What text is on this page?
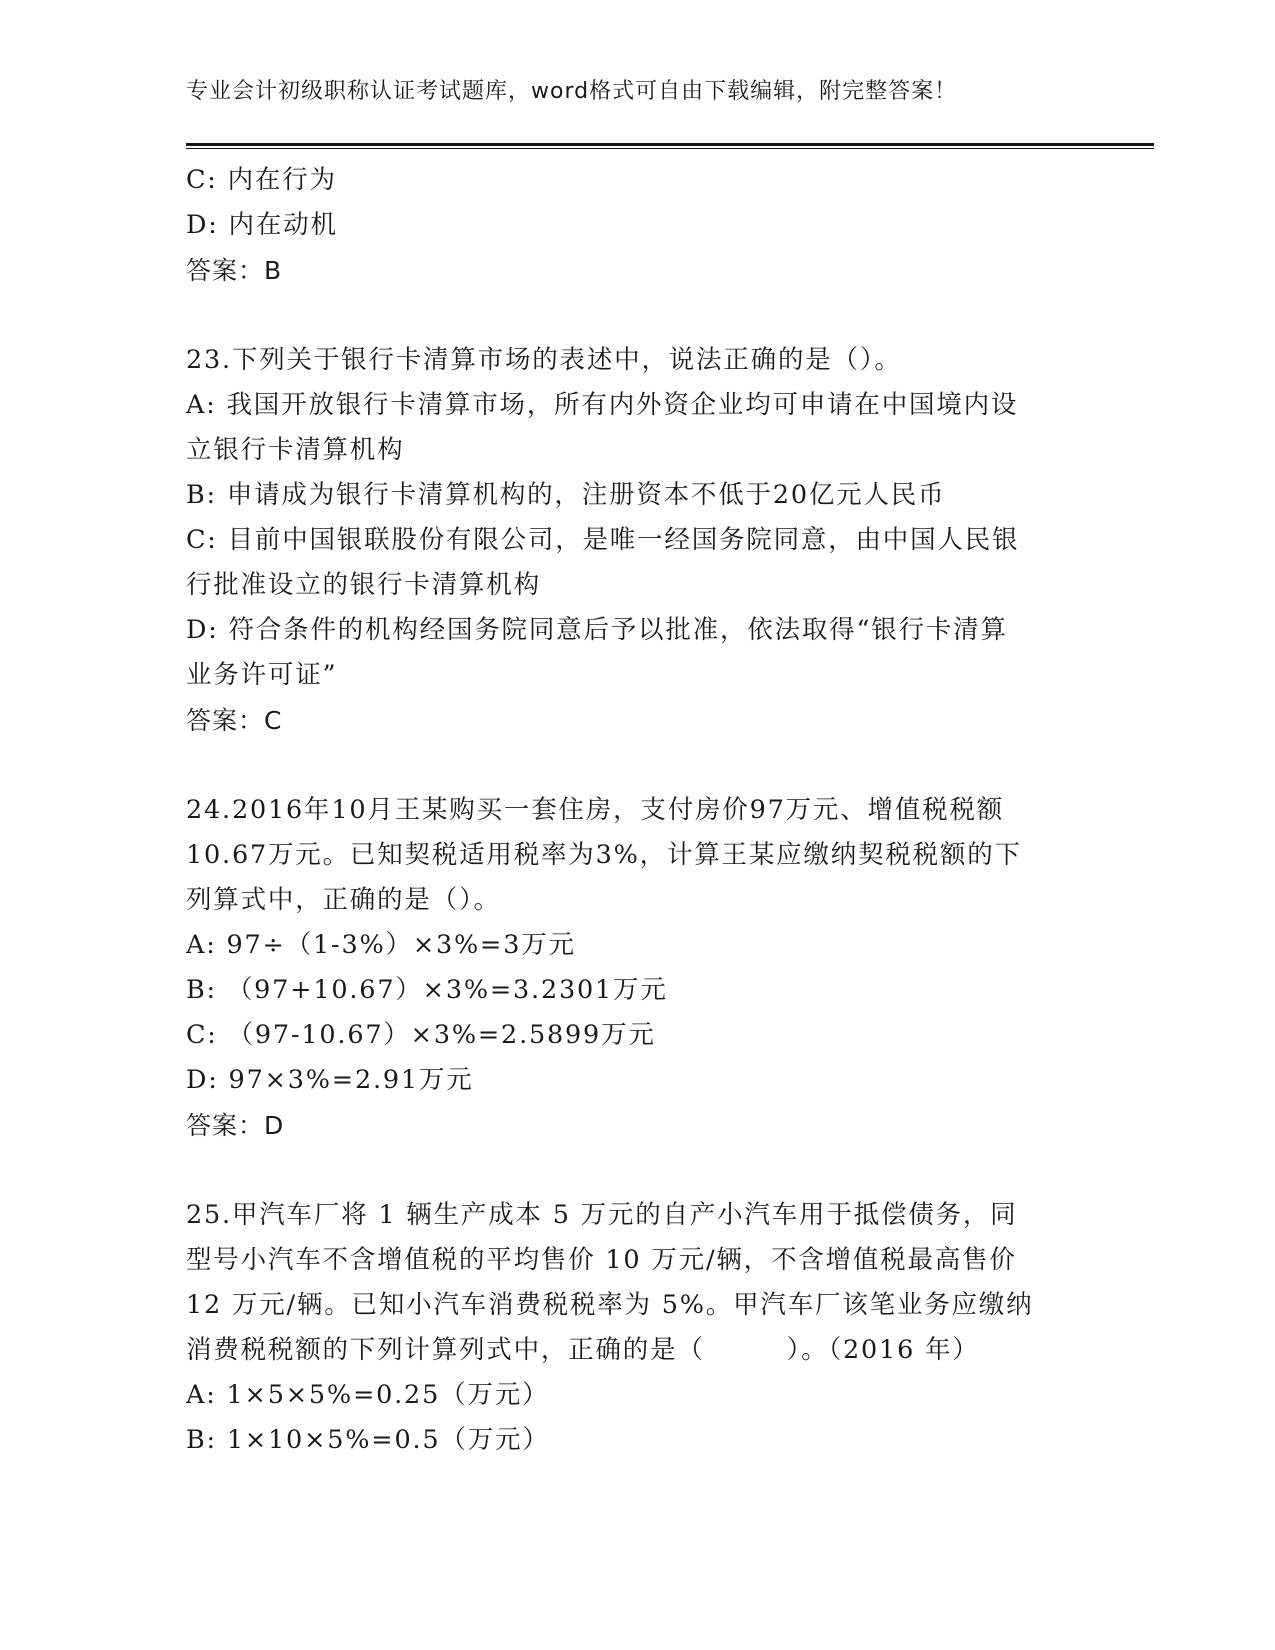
专业会计初级职称认证考试题库，word格式可自由下载编辑，附完整答案！
C: 内在行为
D: 内在动机
答案：B
23.下列关于银行卡清算市场的表述中，说法正确的是（）。
A: 我国开放银行卡清算市场，所有内外资企业均可申请在中国境内设
立银行卡清算机构
B: 申请成为银行卡清算机构的，注册资本不低于20亿元人民币
C: 目前中国银联股份有限公司，是唯一经国务院同意，由中国人民银
行批准设立的银行卡清算机构
D: 符合条件的机构经国务院同意后予以批准，依法取得“银行卡清算
业务许可证”
答案：C
24.2016年10月王某购买一套住房，支付房价97万元、增值税税额
10.67万元。已知契税适用税率为3%，计算王某应缴纳契税税额的下
列算式中，正确的是（）。
A: 97÷（1-3%）×3%=3万元
B: （97+10.67）×3%=3.2301万元
C: （97-10.67）×3%=2.5899万元
D: 97×3%=2.91万元
答案：D
25.甲汽车厂将 1 辆生产成本 5 万元的自产小汽车用于抵偿债务，同
型号小汽车不含增值税的平均售价 10 万元/辆，不含增值税最高售价
12 万元/辆。已知小汽车消费税税率为 5%。甲汽车厂该笔业务应缴纳
消费税税额的下列计算列式中，正确的是（　　　）。（2016 年）
A: 1×5×5%=0.25（万元）
B: 1×10×5%=0.5（万元）
